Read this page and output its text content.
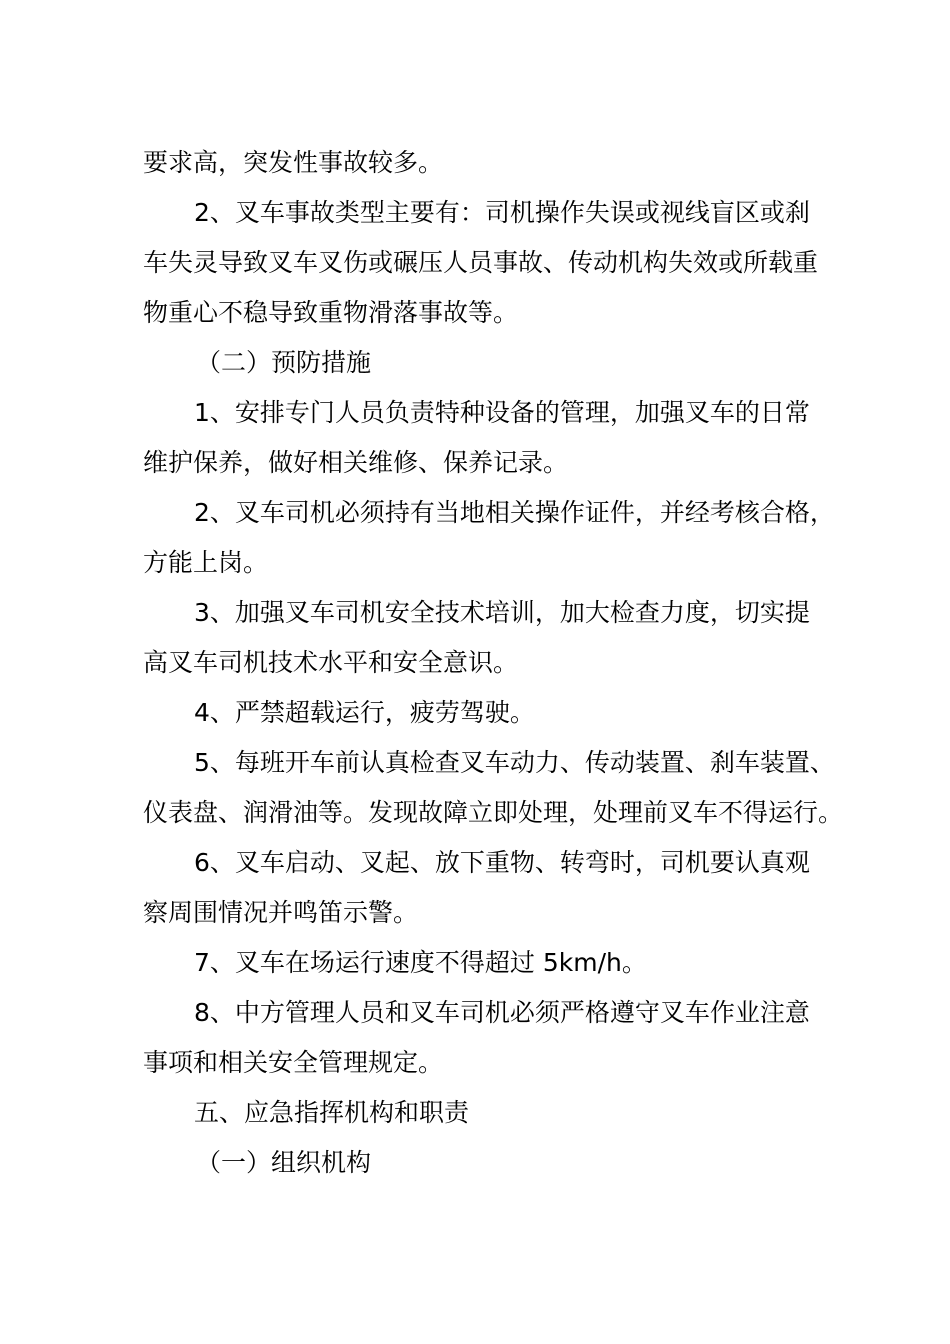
要求高，突发性事故较多。
2、叉车事故类型主要有：司机操作失误或视线盲区或刹
车失灵导致叉车叉伤或碾压人员事故、传动机构失效或所载重
物重心不稳导致重物滑落事故等。
（二）预防措施
1、安排专门人员负责特种设备的管理，加强叉车的日常
维护保养，做好相关维修、保养记录。
2、叉车司机必须持有当地相关操作证件，并经考核合格，
方能上岗。
3、加强叉车司机安全技术培训，加大检查力度，切实提
高叉车司机技术水平和安全意识。
4、严禁超载运行，疲劳驾驶。
5、每班开车前认真检查叉车动力、传动装置、刹车装置、
仪表盘、润滑油等。发现故障立即处理，处理前叉车不得运行。
6、叉车启动、叉起、放下重物、转弯时，司机要认真观
察周围情况并鸣笛示警。
7、叉车在场运行速度不得超过 5km/h。
8、中方管理人员和叉车司机必须严格遵守叉车作业注意
事项和相关安全管理规定。
五、应急指挥机构和职责
（一）组织机构
